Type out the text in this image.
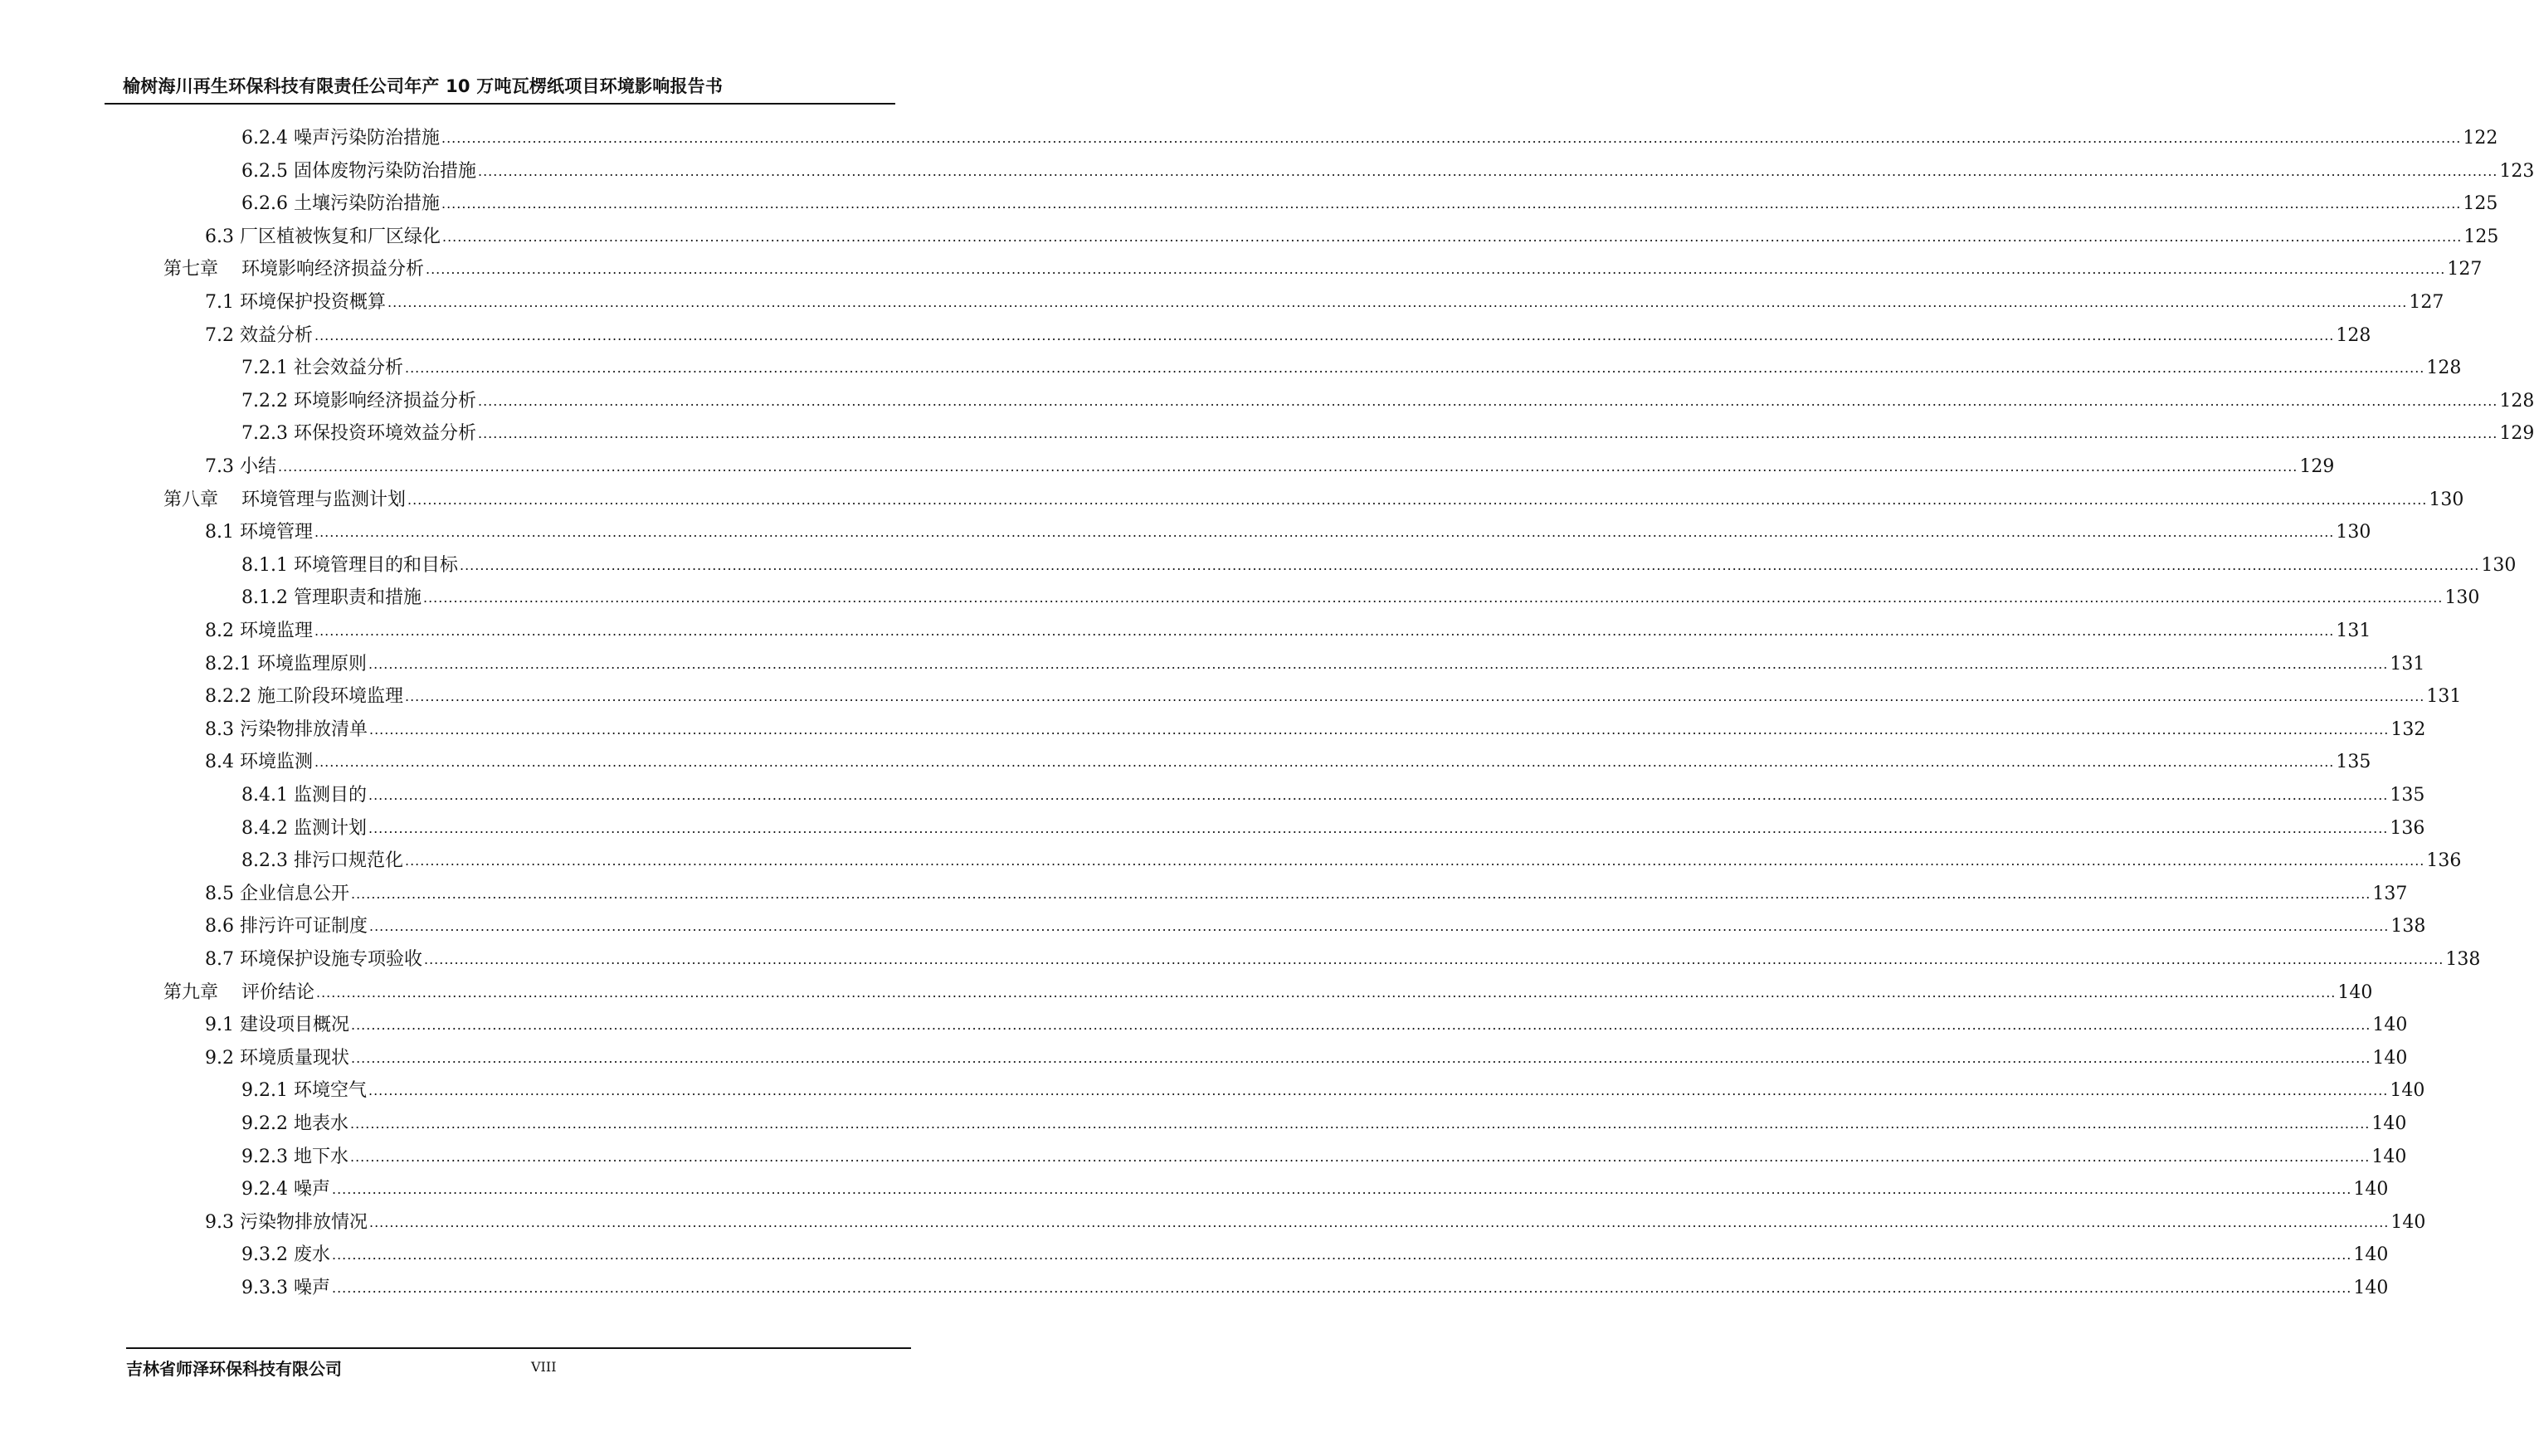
榆树海川再生环保科技有限责任公司年产 10 万吨瓦楞纸项目环境影响报告书
6.2.4 噪声污染防治措施 ................................................................................................................................................................................................................................................................................................................................................................................................................ 122
6.2.5 固体废物污染防治措施 ................................................................................................................................................................................................................................................................................................................................................................................................................ 123
6.2.6 土壤污染防治措施 ................................................................................................................................................................................................................................................................................................................................................................................................................ 125
6.3 厂区植被恢复和厂区绿化 ................................................................................................................................................................................................................................................................................................................................................................................................................ 125
第七章    环境影响经济损益分析 ................................................................................................................................................................................................................................................................................................................................................................................................................ 127
7.1 环境保护投资概算 ................................................................................................................................................................................................................................................................................................................................................................................................................ 127
7.2 效益分析 ................................................................................................................................................................................................................................................................................................................................................................................................................ 128
7.2.1 社会效益分析 ................................................................................................................................................................................................................................................................................................................................................................................................................ 128
7.2.2 环境影响经济损益分析 ................................................................................................................................................................................................................................................................................................................................................................................................................ 128
7.2.3 环保投资环境效益分析 ................................................................................................................................................................................................................................................................................................................................................................................................................ 129
7.3 小结 ................................................................................................................................................................................................................................................................................................................................................................................................................ 129
第八章    环境管理与监测计划 ................................................................................................................................................................................................................................................................................................................................................................................................................ 130
8.1 环境管理 ................................................................................................................................................................................................................................................................................................................................................................................................................ 130
8.1.1 环境管理目的和目标 ................................................................................................................................................................................................................................................................................................................................................................................................................ 130
8.1.2 管理职责和措施 ................................................................................................................................................................................................................................................................................................................................................................................................................ 130
8.2 环境监理 ................................................................................................................................................................................................................................................................................................................................................................................................................ 131
8.2.1 环境监理原则 ................................................................................................................................................................................................................................................................................................................................................................................................................ 131
8.2.2 施工阶段环境监理 ................................................................................................................................................................................................................................................................................................................................................................................................................ 131
8.3 污染物排放清单 ................................................................................................................................................................................................................................................................................................................................................................................................................ 132
8.4 环境监测 ................................................................................................................................................................................................................................................................................................................................................................................................................ 135
8.4.1 监测目的 ................................................................................................................................................................................................................................................................................................................................................................................................................ 135
8.4.2 监测计划 ................................................................................................................................................................................................................................................................................................................................................................................................................ 136
8.2.3 排污口规范化 ................................................................................................................................................................................................................................................................................................................................................................................................................ 136
8.5 企业信息公开 ................................................................................................................................................................................................................................................................................................................................................................................................................ 137
8.6 排污许可证制度 ................................................................................................................................................................................................................................................................................................................................................................................................................ 138
8.7 环境保护设施专项验收 ................................................................................................................................................................................................................................................................................................................................................................................................................ 138
第九章    评价结论 ................................................................................................................................................................................................................................................................................................................................................................................................................ 140
9.1 建设项目概况 ................................................................................................................................................................................................................................................................................................................................................................................................................ 140
9.2 环境质量现状 ................................................................................................................................................................................................................................................................................................................................................................................................................ 140
9.2.1 环境空气 ................................................................................................................................................................................................................................................................................................................................................................................................................ 140
9.2.2 地表水 ................................................................................................................................................................................................................................................................................................................................................................................................................ 140
9.2.3 地下水 ................................................................................................................................................................................................................................................................................................................................................................................................................ 140
9.2.4 噪声 ................................................................................................................................................................................................................................................................................................................................................................................................................ 140
9.3 污染物排放情况 ................................................................................................................................................................................................................................................................................................................................................................................................................ 140
9.3.2 废水 ................................................................................................................................................................................................................................................................................................................................................................................................................ 140
9.3.3 噪声 ................................................................................................................................................................................................................................................................................................................................................................................................................ 140
吉林省师泽环保科技有限公司	VIII
